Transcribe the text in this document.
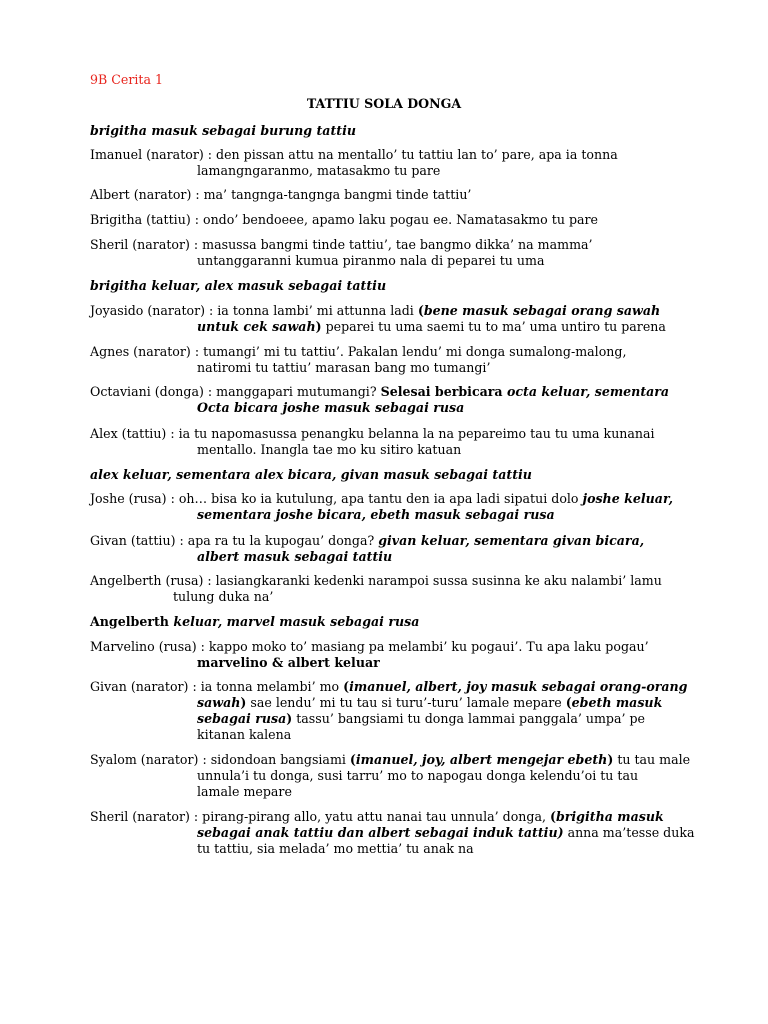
9B Cerita 1
TATTIU SOLA DONGA
brigitha masuk sebagai burung tattiu
Imanuel (narator) : den pissan attu na mentallo’ tu tattiu lan to’ pare, apa ia tonna
lamangngaranmo, matasakmo tu pare
Albert (narator) : ma’ tangnga-tangnga bangmi tinde tattiu’
Brigitha (tattiu) : ondo’ bendoeee, apamo laku pogau ee. Namatasakmo tu pare
Sheril (narator) : masussa bangmi tinde tattiu’, tae bangmo dikka’ na mamma’
untanggaranni kumua piranmo nala di peparei tu uma
brigitha keluar, alex masuk sebagai tattiu
Joyasido (narator) : ia tonna lambi’ mi attunna ladi (bene masuk sebagai orang sawah
untuk cek sawah) peparei tu uma saemi tu to ma’ uma untiro tu parena
Agnes (narator) : tumangi’ mi tu tattiu’. Pakalan lendu’ mi donga sumalong-malong,
natiromi tu tattiu’ marasan bang mo tumangi’
Octaviani (donga) : manggapari mutumangi? Selesai berbicara octa keluar, sementara
Octa bicara joshe masuk sebagai rusa
Alex (tattiu) : ia tu napomasussa penangku belanna la na pepareimo tau tu uma kunanai
mentallo. Inangla tae mo ku sitiro katuan
alex keluar, sementara alex bicara, givan masuk sebagai tattiu
Joshe (rusa) : oh… bisa ko ia kutulung, apa tantu den ia apa ladi sipatui dolo joshe keluar,
sementara joshe bicara, ebeth masuk sebagai rusa
Givan (tattiu) : apa ra tu la kupogau’ donga? givan keluar, sementara givan bicara,
albert masuk sebagai tattiu
Angelberth (rusa) : lasiangkaranki kedenki narampoi sussa susinna ke aku nalambi’ lamu
tulung duka na’
Angelberth keluar, marvel masuk sebagai rusa
Marvelino (rusa) : kappo moko to’ masiang pa melambi’ ku pogaui’. Tu apa laku pogau’
marvelino & albert keluar
Givan (narator) : ia tonna melambi’ mo (imanuel, albert, joy masuk sebagai orang-orang
sawah) sae lendu’ mi tu tau si turu’-turu’ lamale mepare (ebeth masuk
sebagai rusa) tassu’ bangsiami tu donga lammai panggala’ umpa’ pe
kitanan kalena
Syalom (narator) : sidondoan bangsiami (imanuel, joy, albert mengejar ebeth) tu tau male
unnula’i tu donga, susi tarru’ mo to napogau donga kelendu’oi tu tau
lamale mepare
Sheril (narator) : pirang-pirang allo, yatu attu nanai tau unnula’ donga, (brigitha masuk
sebagai anak tattiu dan albert sebagai induk tattiu) anna ma’tesse duka
tu tattiu, sia melada’ mo mettia’ tu anak na
